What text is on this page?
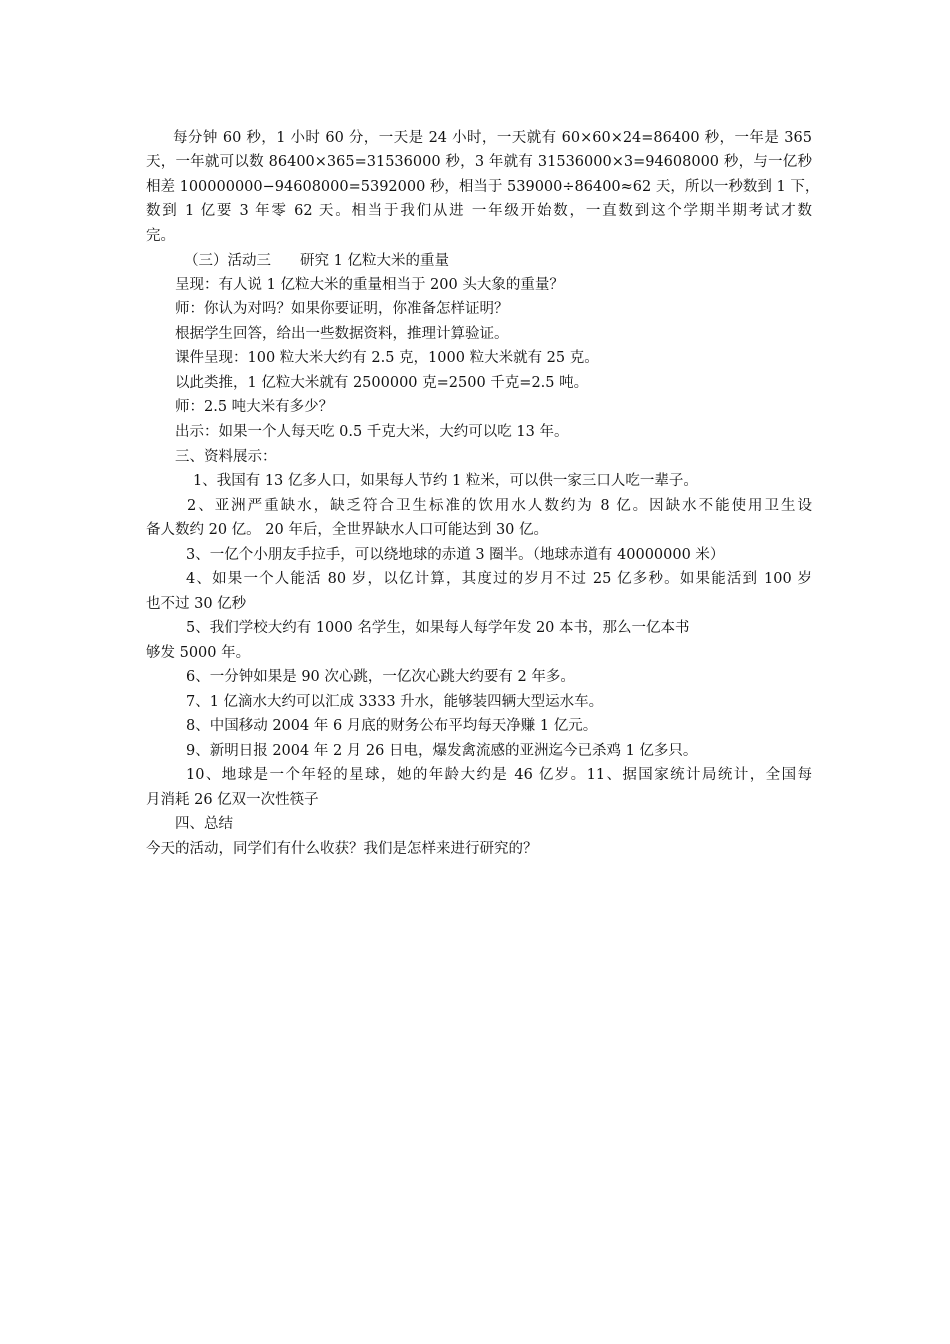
每分钟 60 秒，1 小时 60 分，一天是 24 小时，一天就有 60×60×24=86400 秒，一年是 365
天，一年就可以数 86400×365=31536000 秒，3 年就有 31536000×3=94608000 秒，与一亿秒
相差 100000000−94608000=5392000 秒，相当于 539000÷86400≈62 天，所以一秒数到 1 下，
数到 1 亿要 3 年零 62 天。相当于我们从进 一年级开始数，一直数到这个学期半期考试才数
完。
（三）活动三　　研究 1 亿粒大米的重量
呈现：有人说 1 亿粒大米的重量相当于 200 头大象的重量？
师：你认为对吗？如果你要证明，你准备怎样证明？
根据学生回答，给出一些数据资料，推理计算验证。
课件呈现：100 粒大米大约有 2.5 克，1000 粒大米就有 25 克。
以此类推，1 亿粒大米就有 2500000 克=2500 千克=2.5 吨。
师：2.5 吨大米有多少？
出示：如果一个人每天吃 0.5 千克大米，大约可以吃 13 年。
三、资料展示：
1、我国有 13 亿多人口，如果每人节约 1 粒米，可以供一家三口人吃一辈子。
2、亚洲严重缺水，缺乏符合卫生标准的饮用水人数约为 8 亿。因缺水不能使用卫生设
备人数约 20 亿。 20 年后，全世界缺水人口可能达到 30 亿。
3、一亿个小朋友手拉手，可以绕地球的赤道 3 圈半。（地球赤道有 40000000 米）
4、如果一个人能活 80 岁，以亿计算，其度过的岁月不过 25 亿多秒。如果能活到 100 岁
也不过 30 亿秒
5、我们学校大约有 1000 名学生，如果每人每学年发 20 本书，那么一亿本书
够发 5000 年。
6、一分钟如果是 90 次心跳，一亿次心跳大约要有 2 年多。
7、1 亿滴水大约可以汇成 3333 升水，能够装四辆大型运水车。
8、中国移动 2004 年 6 月底的财务公布平均每天净赚 1 亿元。
9、新明日报 2004 年 2 月 26 日电，爆发禽流感的亚洲迄今已杀鸡 1 亿多只。
10、地球是一个年轻的星球，她的年龄大约是 46 亿岁。11、据国家统计局统计，全国每
月消耗 26 亿双一次性筷子
四、总结
今天的活动，同学们有什么收获？我们是怎样来进行研究的？
